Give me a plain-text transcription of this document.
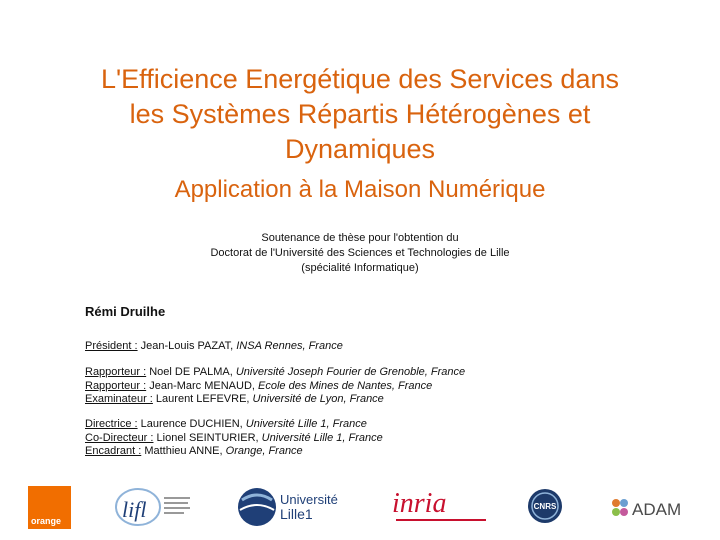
L'Efficience Energétique des Services dans
les Systèmes Répartis Hétérogènes et
Dynamiques
Application à la Maison Numérique
Soutenance de thèse pour l'obtention du
Doctorat de l'Université des Sciences et Technologies de Lille
(spécialité Informatique)
Rémi Druilhe
Président : Jean-Louis PAZAT, INSA Rennes, France
Rapporteur : Noel DE PALMA, Université Joseph Fourier de Grenoble, France
Rapporteur : Jean-Marc MENAUD, Ecole des Mines de Nantes, France
Examinateur : Laurent LEFEVRE, Université de Lyon, France
Directrice : Laurence DUCHIEN, Université Lille 1, France
Co-Directeur : Lionel SEINTURIER, Université Lille 1, France
Encadrant : Matthieu ANNE, Orange, France
orange	lifl	Université
Lille1	inria	CNRS	ADAM
